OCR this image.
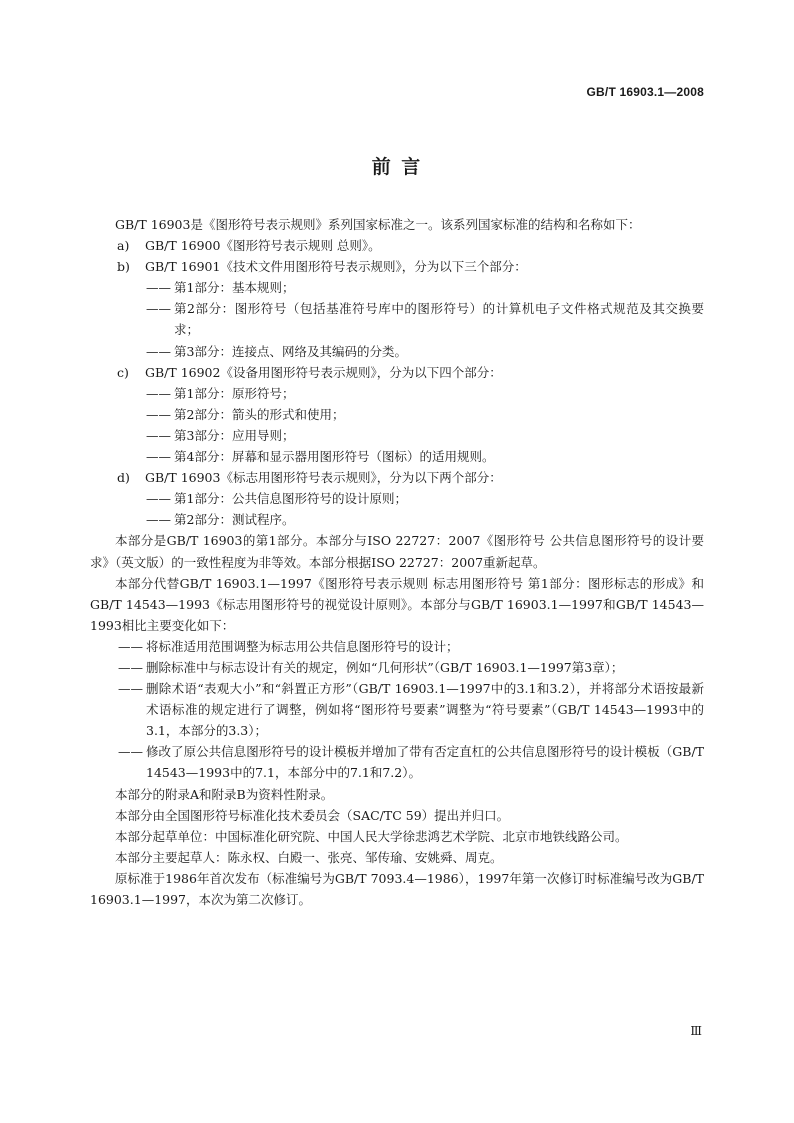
GB/T 16903.1—2008
前 言

GB/T 16903是《图形符号表示规则》系列国家标准之一。该系列国家标准的结构和名称如下：

a) GB/T 16900《图形符号表示规则 总则》。

b) GB/T 16901《技术文件用图形符号表示规则》，分为以下三个部分：

—— 第1部分：基本规则；

—— 第2部分：图形符号（包括基准符号库中的图形符号）的计算机电子文件格式规范及其交换要求；

—— 第3部分：连接点、网络及其编码的分类。

c) GB/T 16902《设备用图形符号表示规则》，分为以下四个部分：

—— 第1部分：原形符号；

—— 第2部分：箭头的形式和使用；

—— 第3部分：应用导则；

—— 第4部分：屏幕和显示器用图形符号（图标）的适用规则。

d) GB/T 16903《标志用图形符号表示规则》，分为以下两个部分：

—— 第1部分：公共信息图形符号的设计原则；

—— 第2部分：测试程序。

本部分是GB/T 16903的第1部分。本部分与ISO 22727：2007《图形符号 公共信息图形符号的设计要求》（英文版）的一致性程度为非等效。本部分根据ISO 22727：2007重新起草。

本部分代替GB/T 16903.1—1997《图形符号表示规则 标志用图形符号 第1部分：图形标志的形成》和GB/T 14543—1993《标志用图形符号的视觉设计原则》。本部分与GB/T 16903.1—1997和GB/T 14543—1993相比主要变化如下：

—— 将标准适用范围调整为标志用公共信息图形符号的设计；

—— 删除标准中与标志设计有关的规定，例如“几何形状”（GB/T 16903.1—1997第3章）；

—— 删除术语“表观大小”和“斜置正方形”（GB/T 16903.1—1997中的3.1和3.2），并将部分术语按最新术语标准的规定进行了调整，例如将“图形符号要素”调整为“符号要素”（GB/T 14543—1993中的3.1，本部分的3.3）；

—— 修改了原公共信息图形符号的设计模板并增加了带有否定直杠的公共信息图形符号的设计模板（GB/T 14543—1993中的7.1，本部分中的7.1和7.2）。

本部分的附录A和附录B为资料性附录。

本部分由全国图形符号标准化技术委员会（SAC/TC 59）提出并归口。

本部分起草单位：中国标准化研究院、中国人民大学徐悲鸿艺术学院、北京市地铁线路公司。

本部分主要起草人：陈永权、白殿一、张亮、邹传瑜、安姚舜、周克。

原标准于1986年首次发布（标准编号为GB/T 7093.4—1986），1997年第一次修订时标准编号改为GB/T 16903.1—1997，本次为第二次修订。

Ⅲ
